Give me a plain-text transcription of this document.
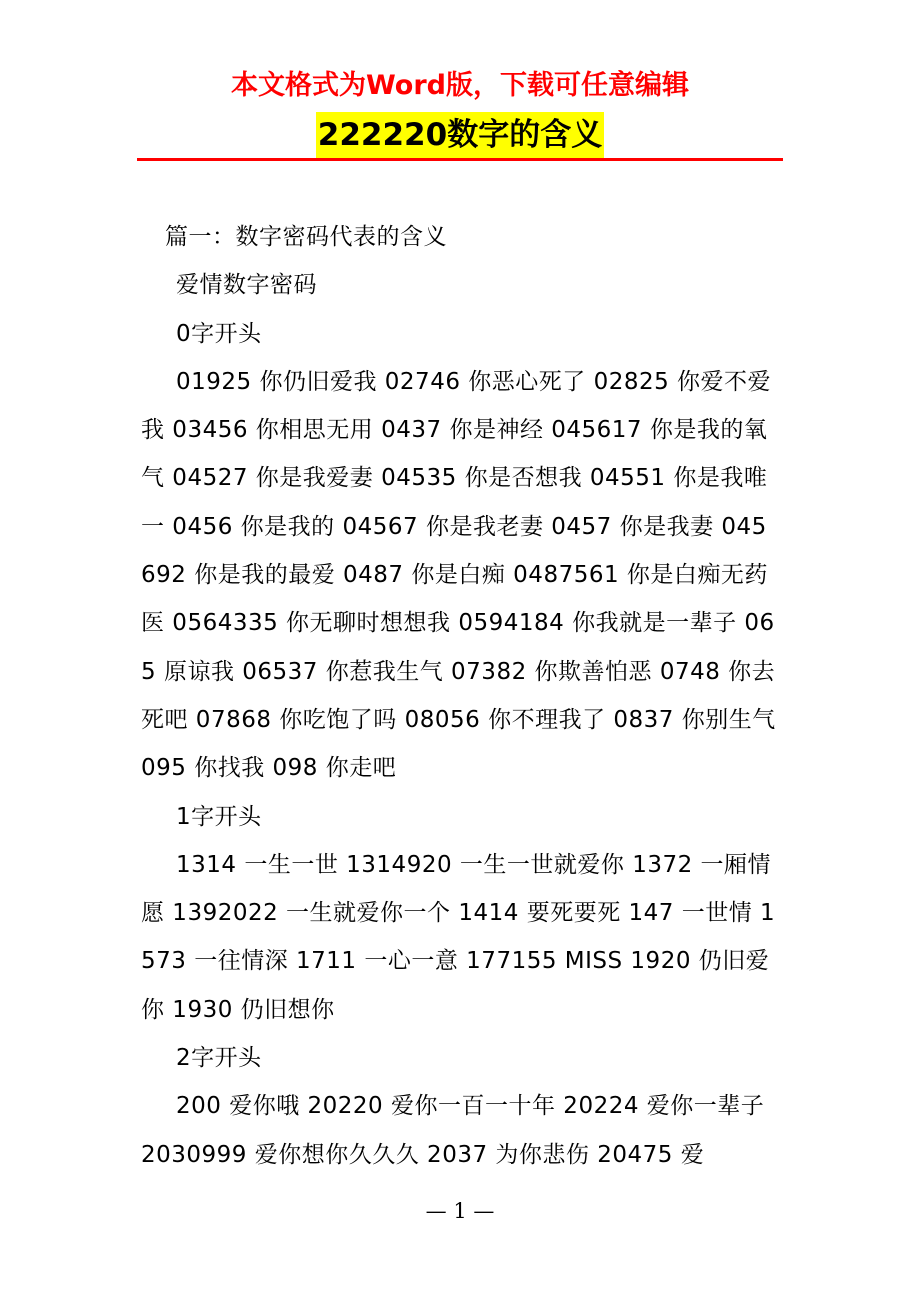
本文格式为Word版，下载可任意编辑
222220数字的含义

篇一：数字密码代表的含义

爱情数字密码

0字开头

01925 你仍旧爱我 02746 你恶心死了 02825 你爱不爱我 03456 你相思无用 0437 你是神经 045617 你是我的氧气 04527 你是我爱妻 04535 你是否想我 04551 你是我唯一 0456 你是我的 04567 你是我老妻 0457 你是我妻 045692 你是我的最爱 0487 你是白痴 0487561 你是白痴无药医 0564335 你无聊时想想我 0594184 你我就是一辈子 065 原谅我 06537 你惹我生气 07382 你欺善怕恶 0748 你去死吧 07868 你吃饱了吗 08056 你不理我了 0837 你别生气 095 你找我 098 你走吧

1字开头

1314 一生一世 1314920 一生一世就爱你 1372 一厢情愿 1392022 一生就爱你一个 1414 要死要死 147 一世情 1573 一往情深 1711 一心一意 177155 MISS 1920 仍旧爱你 1930 仍旧想你

2字开头

200 爱你哦 20220 爱你一百一十年 20224 爱你一辈子 2030999 爱你想你久久久 2037 为你悲伤 20475 爱

— 1 —
